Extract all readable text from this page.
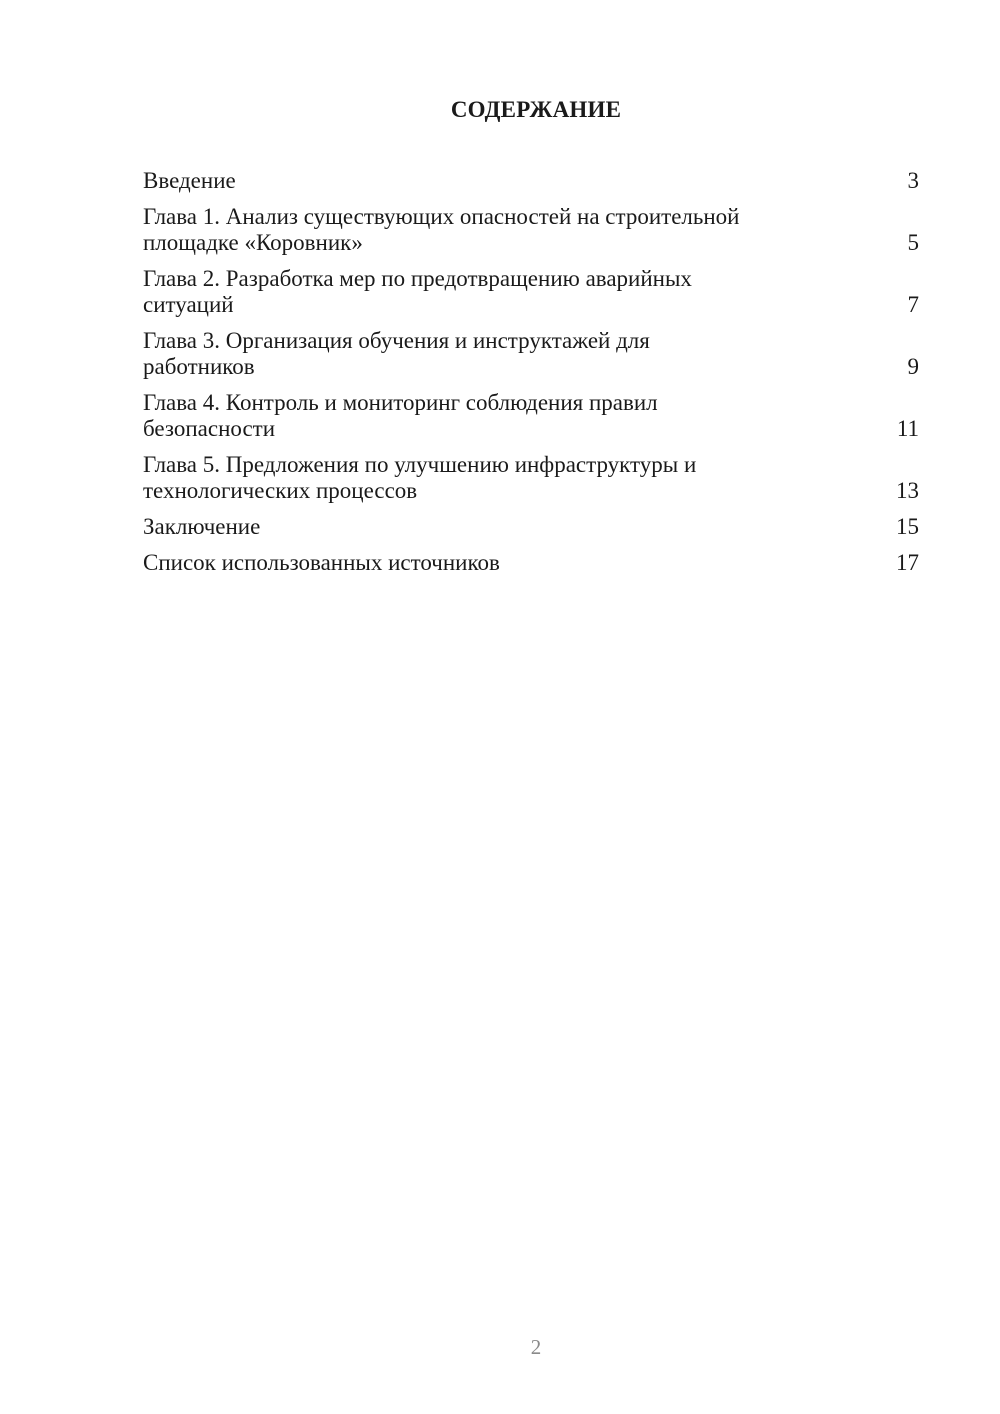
СОДЕРЖАНИЕ
Введение	3
Глава 1. Анализ существующих опасностей на строительной
площадке «Коровник»	5
Глава 2. Разработка мер по предотвращению аварийных
ситуаций	7
Глава 3. Организация обучения и инструктажей для
работников	9
Глава 4. Контроль и мониторинг соблюдения правил
безопасности	11
Глава 5. Предложения по улучшению инфраструктуры и
технологических процессов	13
Заключение	15
Список использованных источников	17
2
